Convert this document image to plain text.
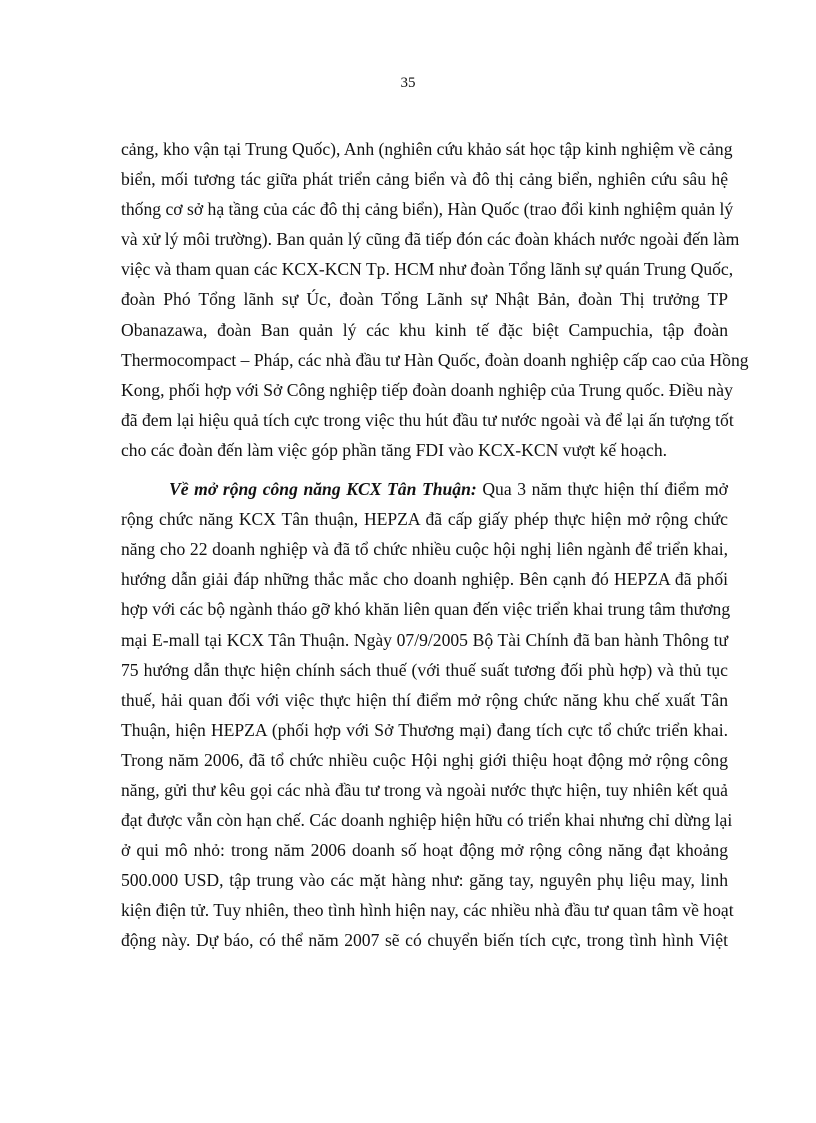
35
cảng, kho vận tại Trung Quốc), Anh (nghiên cứu khảo sát học tập kinh nghiệm về cảng
biển, mối tương tác giữa phát triển cảng biển và đô thị cảng biển, nghiên cứu sâu hệ
thống cơ sở hạ tầng của các đô thị cảng biển), Hàn Quốc (trao đổi kinh nghiệm quản lý
và xử lý môi trường). Ban quản lý cũng đã tiếp đón các đoàn khách nước ngoài đến làm
việc và tham quan các KCX-KCN Tp. HCM như đoàn Tổng lãnh sự quán Trung Quốc,
đoàn Phó Tổng lãnh sự Úc, đoàn Tổng Lãnh sự Nhật Bản, đoàn Thị trưởng TP
Obanazawa, đoàn Ban quản lý các khu kinh tế đặc biệt Campuchia, tập đoàn
Thermocompact – Pháp, các nhà đầu tư Hàn Quốc, đoàn doanh nghiệp cấp cao của Hồng
Kong, phối hợp với Sở Công nghiệp tiếp đoàn doanh nghiệp của Trung quốc. Điều này
đã đem lại hiệu quả tích cực trong việc thu hút đầu tư nước ngoài và để lại ấn tượng tốt
cho các đoàn đến làm việc góp phần tăng FDI vào KCX-KCN vượt kế hoạch.
Về mở rộng công năng KCX Tân Thuận: Qua 3 năm thực hiện thí điểm mở
rộng chức năng KCX Tân thuận, HEPZA đã cấp giấy phép thực hiện mở rộng chức
năng cho 22 doanh nghiệp và đã tổ chức nhiều cuộc hội nghị liên ngành để triển khai,
hướng dẫn giải đáp những thắc mắc cho doanh nghiệp. Bên cạnh đó HEPZA đã phối
hợp với các bộ ngành tháo gỡ khó khăn liên quan đến việc triển khai trung tâm thương
mại E-mall tại KCX Tân Thuận. Ngày 07/9/2005 Bộ Tài Chính đã ban hành Thông tư
75 hướng dẫn thực hiện chính sách thuế (với thuế suất tương đối phù hợp) và thủ tục
thuế, hải quan đối với việc thực hiện thí điểm mở rộng chức năng khu chế xuất Tân
Thuận, hiện HEPZA (phối hợp với Sở Thương mại) đang tích cực tổ chức triển khai.
Trong năm 2006, đã tổ chức nhiều cuộc Hội nghị giới thiệu hoạt động mở rộng công
năng, gửi thư kêu gọi các nhà đầu tư trong và ngoài nước thực hiện, tuy nhiên kết quả
đạt được vẫn còn hạn chế. Các doanh nghiệp hiện hữu có triển khai nhưng chỉ dừng lại
ở qui mô nhỏ: trong năm 2006 doanh số hoạt động mở rộng công năng đạt khoảng
500.000 USD, tập trung vào các mặt hàng như: găng tay, nguyên phụ liệu may, linh
kiện điện tử. Tuy nhiên, theo tình hình hiện nay, các nhiều nhà đầu tư quan tâm về hoạt
động này. Dự báo, có thể năm 2007 sẽ có chuyển biến tích cực, trong tình hình Việt
